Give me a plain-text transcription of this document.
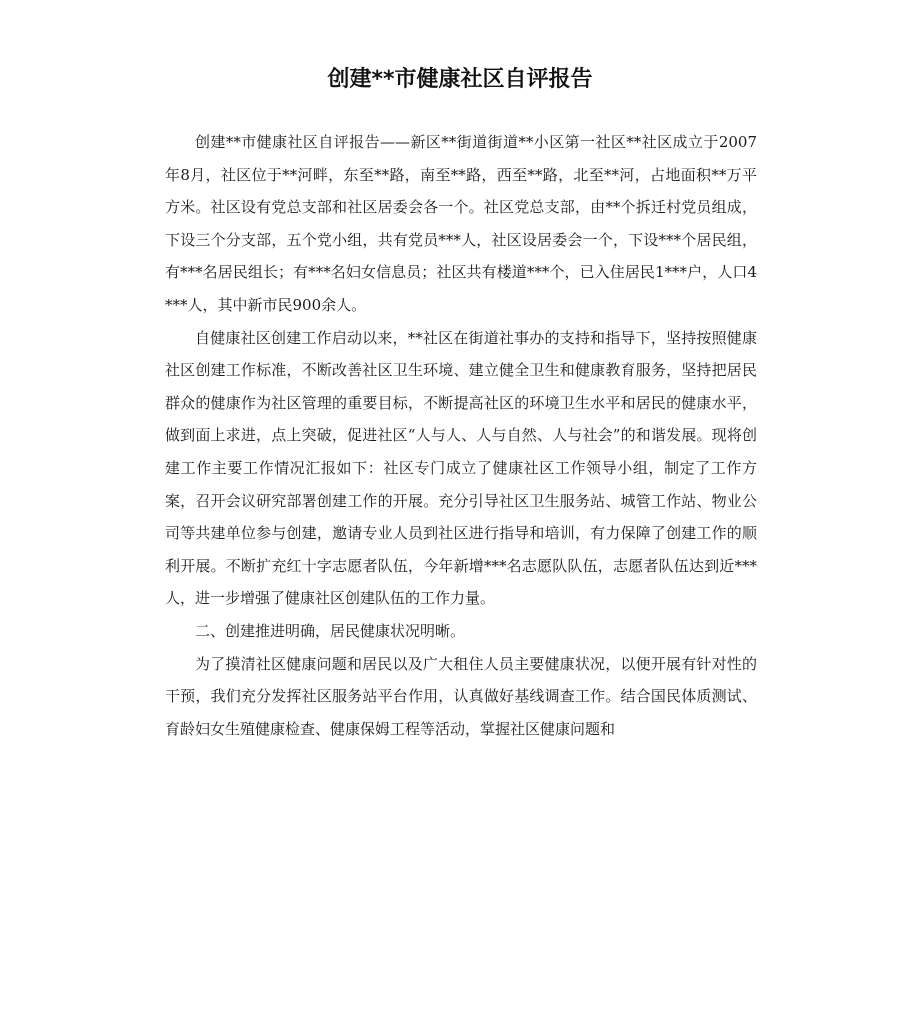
创建**市健康社区自评报告

创建**市健康社区自评报告——新区**街道街道**小区第一社区**社区成立于2007年8月，社区位于**河畔，东至**路，南至**路，西至**路，北至**河，占地面积**万平方米。社区设有党总支部和社区居委会各一个。社区党总支部，由**个拆迁村党员组成，下设三个分支部，五个党小组，共有党员***人，社区设居委会一个，下设***个居民组，有***名居民组长；有***名妇女信息员；社区共有楼道***个，已入住居民1***户，人口4***人，其中新市民900余人。

自健康社区创建工作启动以来，**社区在街道社事办的支持和指导下，坚持按照健康社区创建工作标准，不断改善社区卫生环境、建立健全卫生和健康教育服务，坚持把居民群众的健康作为社区管理的重要目标，不断提高社区的环境卫生水平和居民的健康水平，做到面上求进，点上突破，促进社区“人与人、人与自然、人与社会”的和谐发展。现将创建工作主要工作情况汇报如下：社区专门成立了健康社区工作领导小组，制定了工作方案，召开会议研究部署创建工作的开展。充分引导社区卫生服务站、城管工作站、物业公司等共建单位参与创建，邀请专业人员到社区进行指导和培训，有力保障了创建工作的顺利开展。不断扩充红十字志愿者队伍，今年新增***名志愿队队伍，志愿者队伍达到近***人，进一步增强了健康社区创建队伍的工作力量。

二、创建推进明确，居民健康状况明晰。

为了摸清社区健康问题和居民以及广大租住人员主要健康状况，以便开展有针对性的干预，我们充分发挥社区服务站平台作用，认真做好基线调查工作。结合国民体质测试、育龄妇女生殖健康检查、健康保姆工程等活动，掌握社区健康问题和
